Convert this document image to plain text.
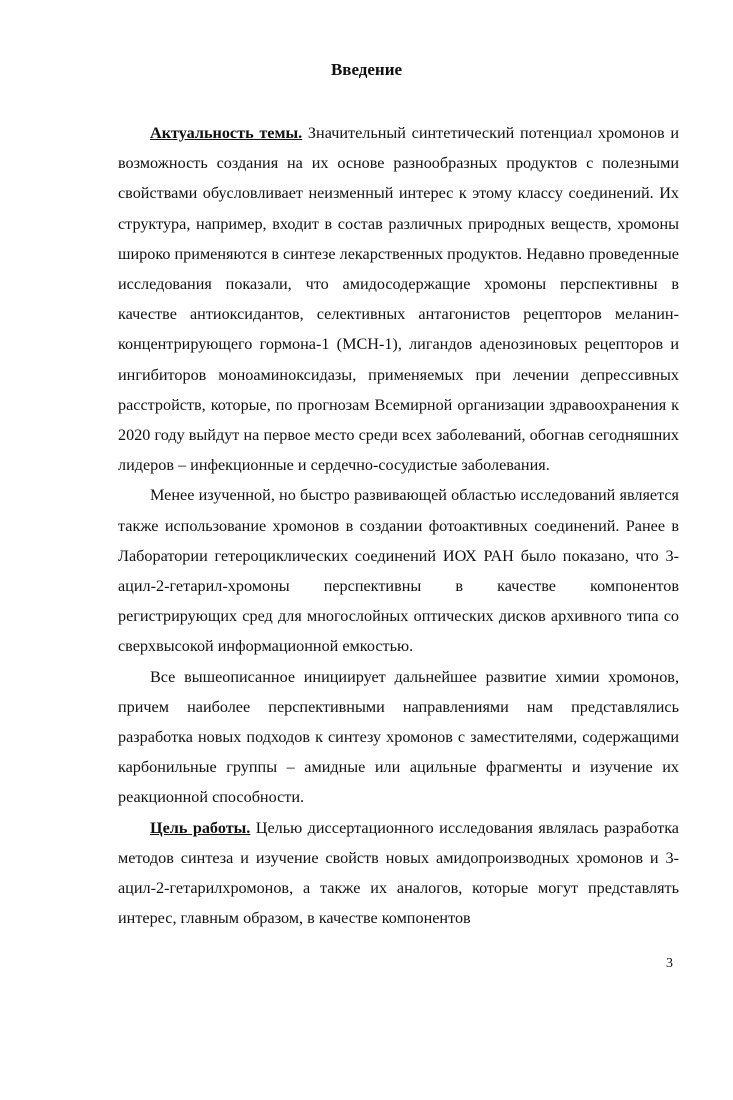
Введение

Актуальность темы. Значительный синтетический потенциал хромонов и возможность создания на их основе разнообразных продуктов с полезными свойствами обусловливает неизменный интерес к этому классу соединений. Их структура, например, входит в состав различных природных веществ, хромоны широко применяются в синтезе лекарственных продуктов. Недавно проведенные исследования показали, что амидосодержащие хромоны перспективны в качестве антиоксидантов, селективных антагонистов рецепторов меланин-концентрирующего гормона-1 (MCH-1), лигандов аденозиновых рецепторов и ингибиторов моноаминоксидазы, применяемых при лечении депрессивных расстройств, которые, по прогнозам Всемирной организации здравоохранения к 2020 году выйдут на первое место среди всех заболеваний, обогнав сегодняшних лидеров – инфекционные и сердечно-сосудистые заболевания.

Менее изученной, но быстро развивающей областью исследований является также использование хромонов в создании фотоактивных соединений. Ранее в Лаборатории гетероциклических соединений ИОХ РАН было показано, что 3-ацил-2-гетарил-хромоны перспективны в качестве компонентов регистрирующих сред для многослойных оптических дисков архивного типа со сверхвысокой информационной емкостью.

Все вышеописанное инициирует дальнейшее развитие химии хромонов, причем наиболее перспективными направлениями нам представлялись разработка новых подходов к синтезу хромонов с заместителями, содержащими карбонильные группы – амидные или ацильные фрагменты и изучение их реакционной способности.

Цель работы. Целью диссертационного исследования являлась разработка методов синтеза и изучение свойств новых амидопроизводных хромонов и 3-ацил-2-гетарилхромонов, а также их аналогов, которые могут представлять интерес, главным образом, в качестве компонентов

3
